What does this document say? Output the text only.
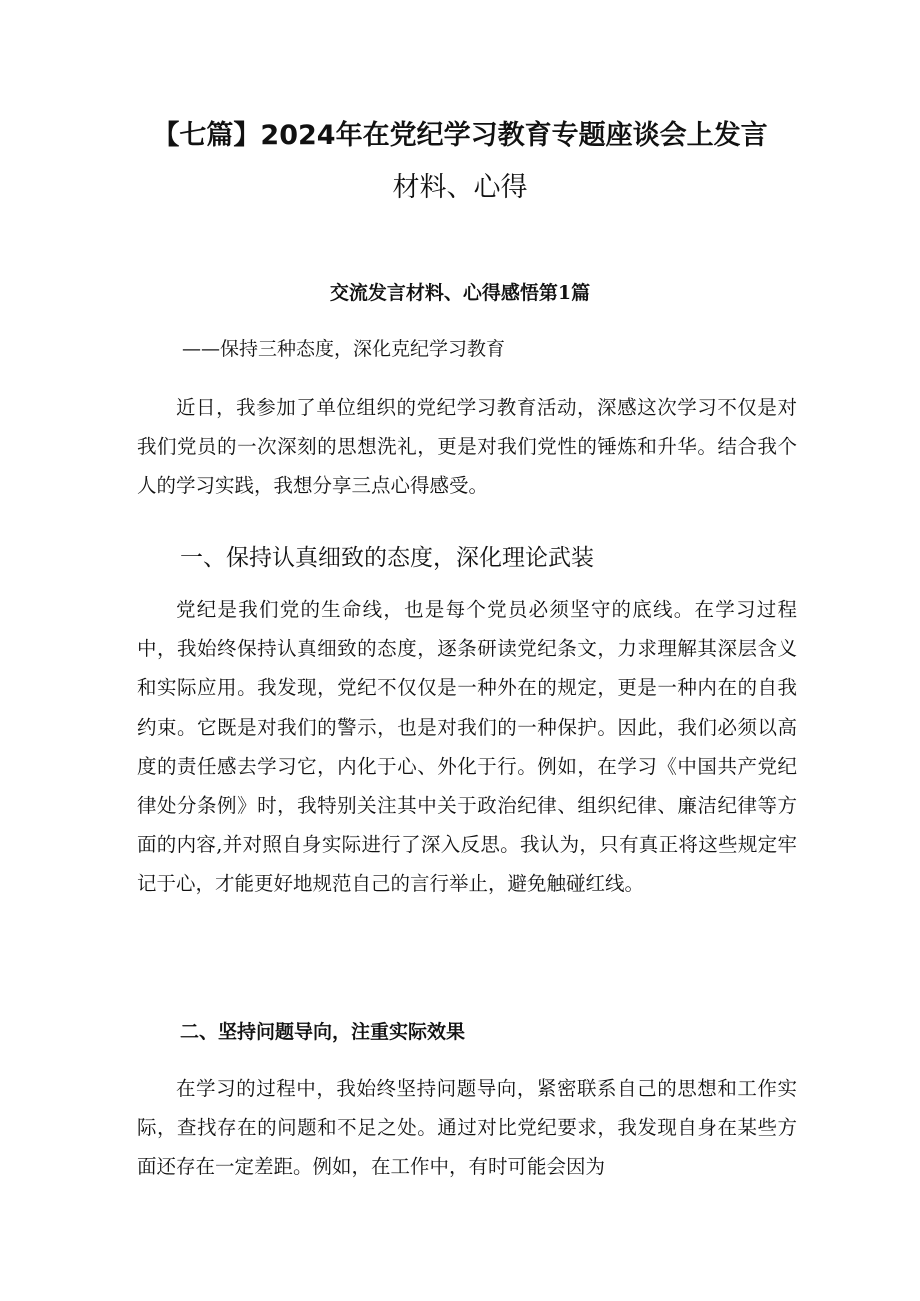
【七篇】2024年在党纪学习教育专题座谈会上发言
材料、心得
交流发言材料、心得感悟第1篇
——保持三种态度，深化克纪学习教育

近日，我参加了单位组织的党纪学习教育活动，深感这次学习不仅是对我们党员的一次深刻的思想洗礼，更是对我们党性的锤炼和升华。结合我个人的学习实践，我想分享三点心得感受。

一、保持认真细致的态度，深化理论武装

党纪是我们党的生命线，也是每个党员必须坚守的底线。在学习过程中，我始终保持认真细致的态度，逐条研读党纪条文，力求理解其深层含义和实际应用。我发现，党纪不仅仅是一种外在的规定，更是一种内在的自我约束。它既是对我们的警示，也是对我们的一种保护。因此，我们必须以高度的责任感去学习它，内化于心、外化于行。例如，在学习《中国共产党纪律处分条例》时，我特别关注其中关于政治纪律、组织纪律、廉洁纪律等方面的内容,并对照自身实际进行了深入反思。我认为，只有真正将这些规定牢记于心，才能更好地规范自己的言行举止，避免触碰红线。

二、坚持问题导向，注重实际效果

在学习的过程中，我始终坚持问题导向，紧密联系自己的思想和工作实际，查找存在的问题和不足之处。通过对比党纪要求，我发现自身在某些方面还存在一定差距。例如，在工作中，有时可能会因为
